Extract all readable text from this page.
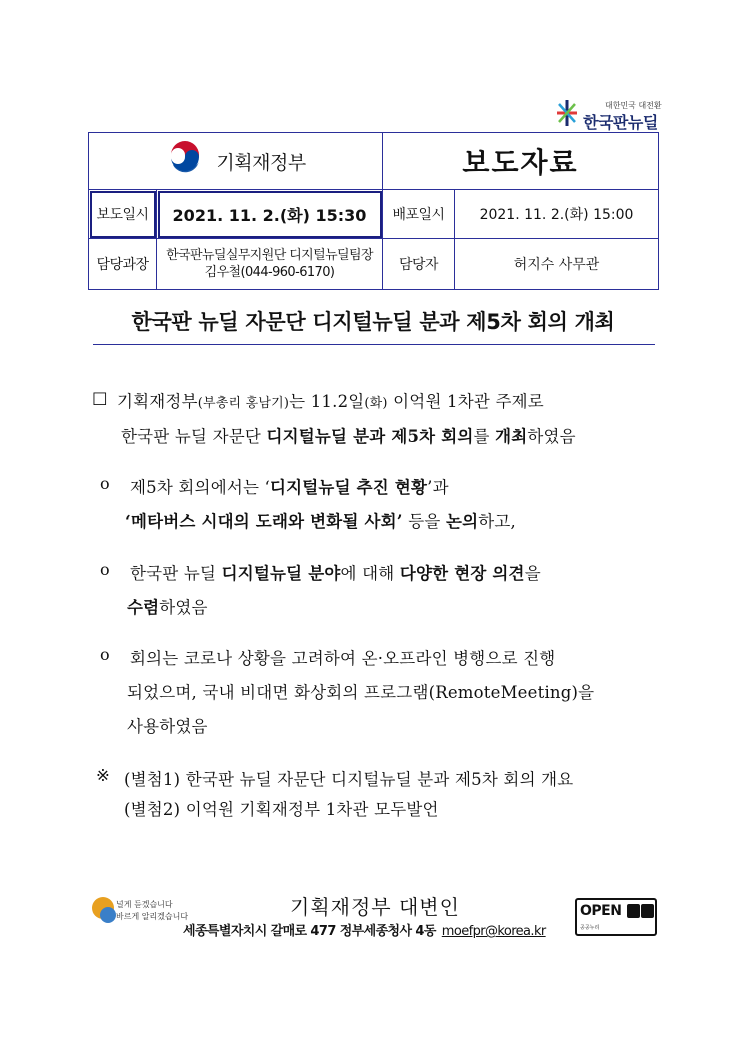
대한민국 대전환
한국판뉴딜
기획재정부		보도자료	
보도일시	2021. 11. 2.(화) 15:30	배포일시	2021. 11. 2.(화) 15:00
담당과장	한국판뉴딜실무지원단 디지털뉴딜팀장
김우철(044-960-6170)	담당자	허지수 사무관
한국판 뉴딜 자문단 디지털뉴딜 분과 제5차 회의 개최
□ 기획재정부(부총리 홍남기)는 11.2일(화) 이억원 1차관 주제로
한국판 뉴딜 자문단 디지털뉴딜 분과 제5차 회의를 개최하였음
o 제5차 회의에서는 ‘디지털뉴딜 추진 현황’과
‘메타버스 시대의 도래와 변화될 사회’ 등을 논의하고,
o 한국판 뉴딜 디지털뉴딜 분야에 대해 다양한 현장 의견을
수렴하였음
o 회의는 코로나 상황을 고려하여 온·오프라인 병행으로 진행
되었으며, 국내 비대면 화상회의 프로그램(RemoteMeeting)을
사용하였음
※ (별첨1) 한국판 뉴딜 자문단 디지털뉴딜 분과 제5차 회의 개요
(별첨2) 이억원 기획재정부 1차관 모두발언
널게 듣겠습니다
바르게 알리겠습니다	기획재정부 대변인
세종특별자치시 갈매로 477 정부세종청사 4동 moefpr@korea.kr
OPEN
공공누리
